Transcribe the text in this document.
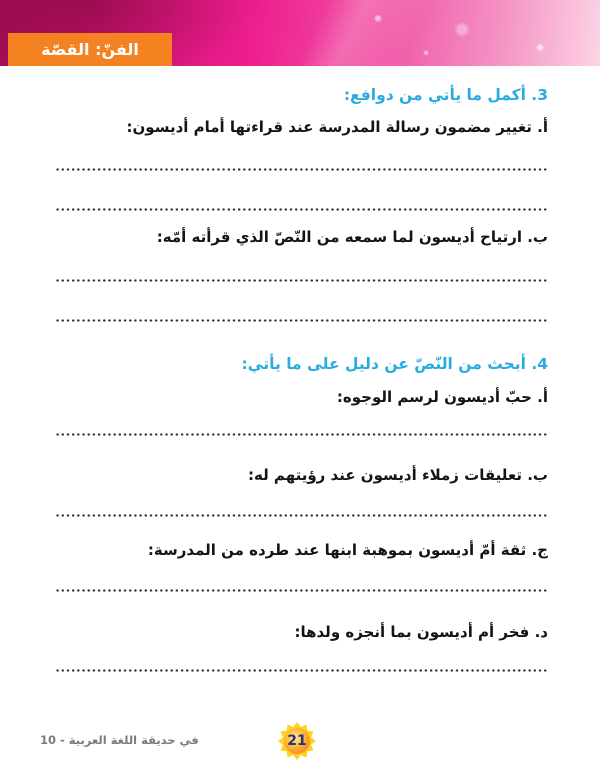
الفنّ: القصّة
3. أكمل ما يأتي من دوافع:
أ. تغيير مضمون رسالة المدرسة عند قراءتها أمام أديسون:
ب. ارتياح أديسون لما سمعه من النّصّ الذي قرأته أمّه:
4. أبحث من النّصّ عن دليل على ما يأتي:
أ. حبّ أديسون لرسم الوجوه:
ب. تعليقات زملاء أديسون عند رؤيتهم له:
ج. ثقة أمّ أديسون بموهبة ابنها عند طرده من المدرسة:
د. فخر أم أديسون بما أنجزه ولدها:
في حديقة اللغة العربية - 10	21
